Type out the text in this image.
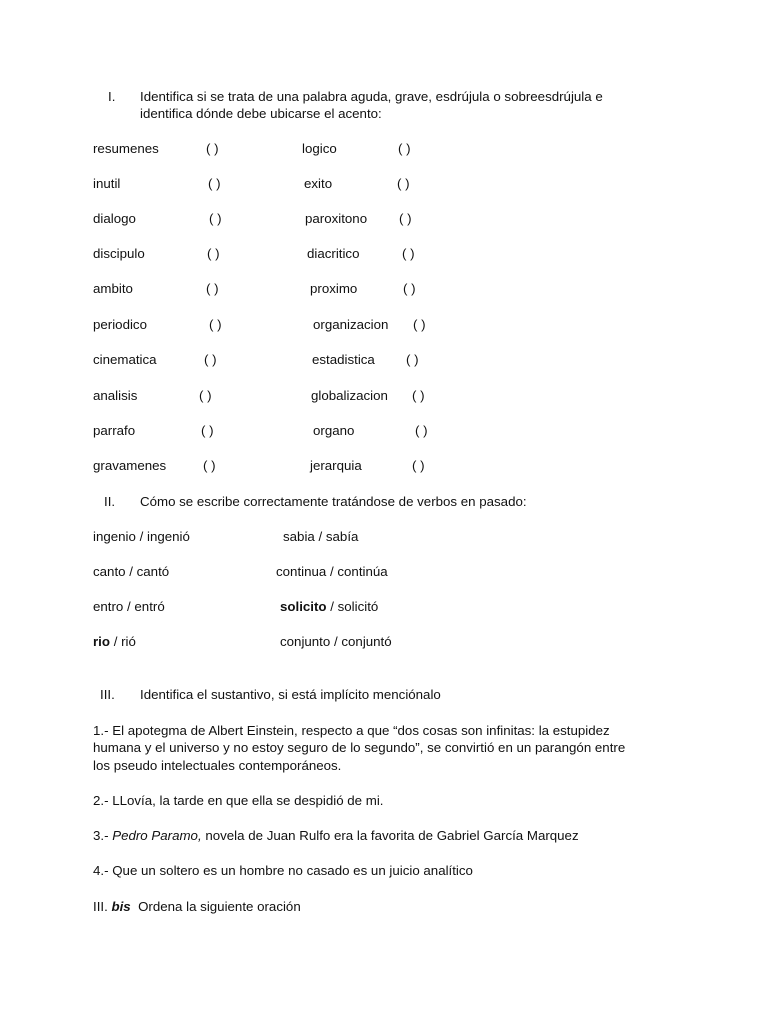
I. Identifica si se trata de una palabra aguda, grave, esdrújula o sobreesdrújula e
identifica dónde debe ubicarse el acento:
resumenes	( )	logico	( )
inutil	( )	exito	( )
dialogo	( )	paroxitono ( )
discipulo	( )	diacritico	( )
ambito	( )	proximo	( )
periodico	( )	organizacion ( )
cinematica	( )	estadistica ( )
analisis	( )	globalizacion ( )
parrafo	( )	organo	( )
gravamenes	( )	jerarquia	( )
II. Cómo se escribe correctamente tratándose de verbos en pasado:
ingenio / ingenió	sabia / sabía
canto / cantó	continua / continúa
entro / entró	solicito / solicitó
rio / rió	conjunto / conjuntó
III. Identifica el sustantivo, si está implícito menciónalo
1.- El apotegma de Albert Einstein, respecto a que “dos cosas son infinitas: la estupidez
humana y el universo y no estoy seguro de lo segundo”, se convirtió en un parangón entre
los pseudo intelectuales contemporáneos.
2.- LLovía, la tarde en que ella se despidió de mi.
3.- Pedro Paramo, novela de Juan Rulfo era la favorita de Gabriel García Marquez
4.- Que un soltero es un hombre no casado es un juicio analítico
III. bis Ordena la siguiente oración
